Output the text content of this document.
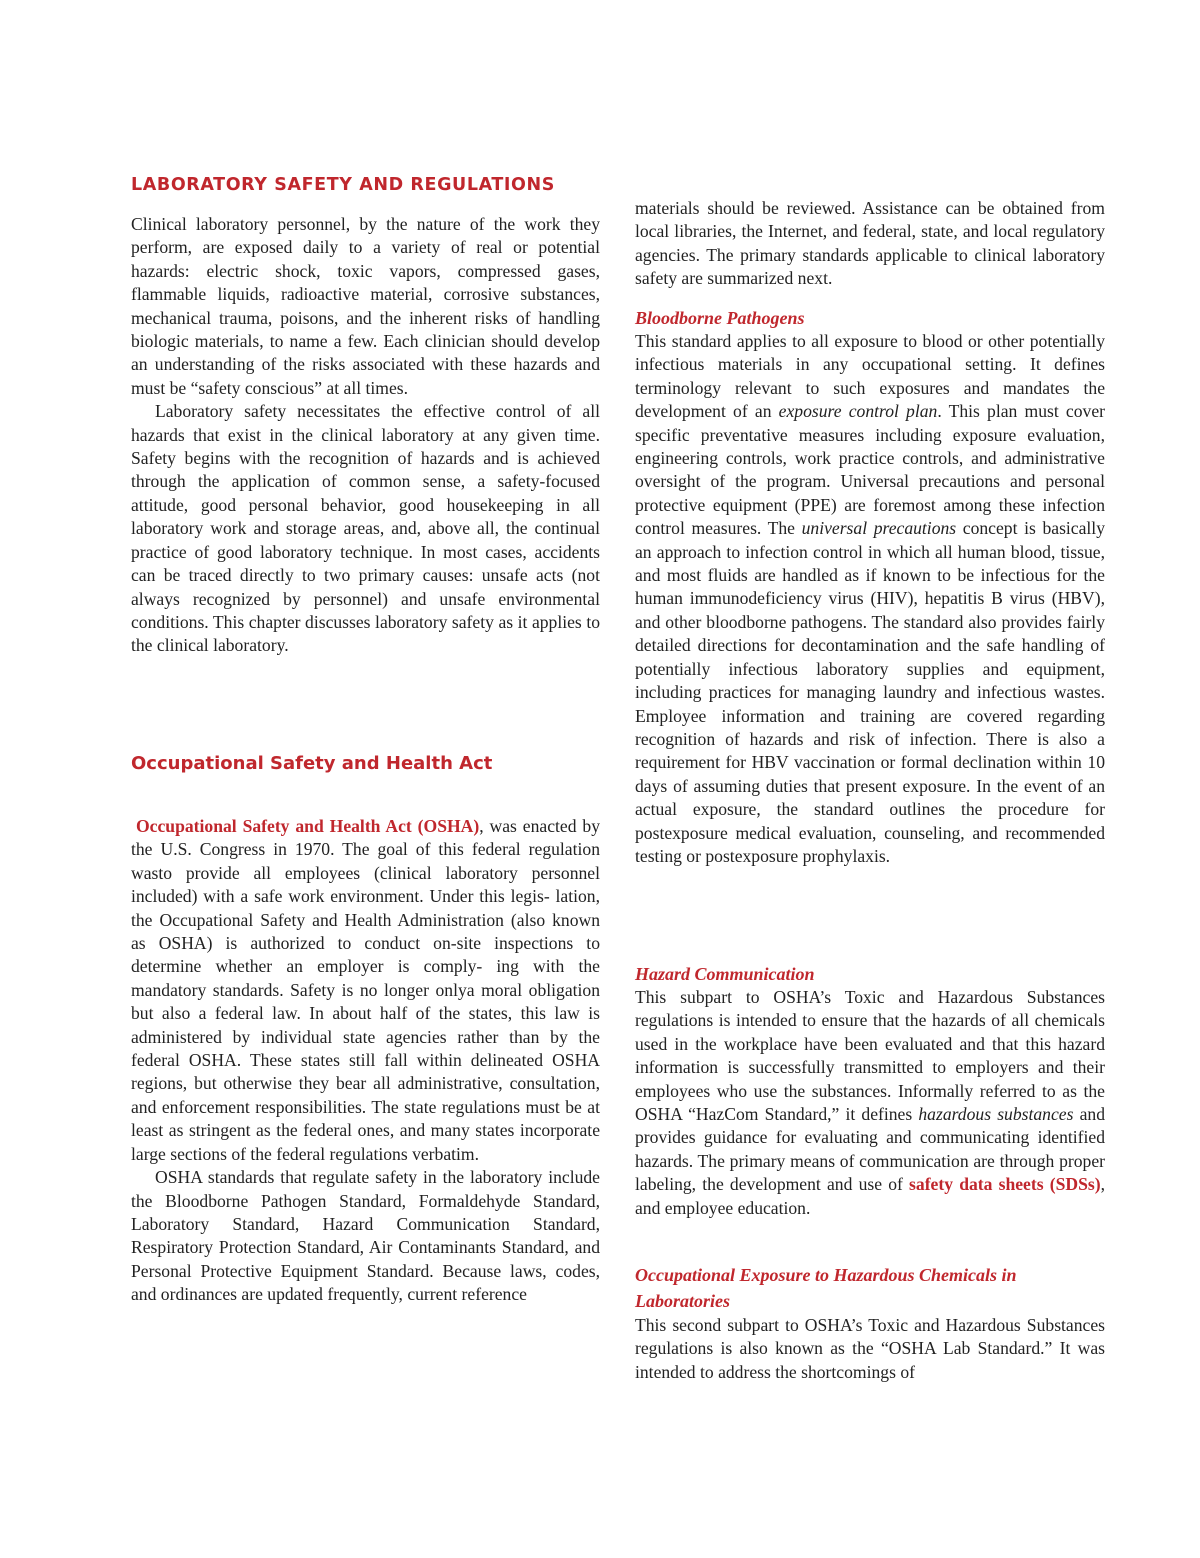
LABORATORY SAFETY AND REGULATIONS

Clinical laboratory personnel, by the nature of the work they perform, are exposed daily to a variety of real or potential hazards: electric shock, toxic vapors, compressed gases, flammable liquids, radioactive material, corrosive substances, mechanical trauma, poisons, and the inherent risks of handling biologic materials, to name a few. Each clinician should develop an understanding of the risks associated with these hazards and must be “safety conscious” at all times.

Laboratory safety necessitates the effective control of all hazards that exist in the clinical laboratory at any given time. Safety begins with the recognition of hazards and is achieved through the application of common sense, a safety-focused attitude, good personal behavior, good housekeeping in all laboratory work and storage areas, and, above all, the continual practice of good laboratory technique. In most cases, accidents can be traced directly to two primary causes: unsafe acts (not always recognized by personnel) and unsafe environmental conditions. This chapter discusses laboratory safety as it applies to the clinical laboratory.

Occupational Safety and Health Act (OSHA), was enacted by the U.S. Congress in 1970. The goal of this federal regulation wasto provide all employees (clinical laboratory personnel included) with a safe work environment. Under this legis- lation, the Occupational Safety and Health Administration (also known as OSHA) is authorized to conduct on-site inspections to determine whether an employer is comply- ing with the mandatory standards. Safety is no longer onlya moral obligation but also a federal law. In about half of the states, this law is administered by individual state agencies rather than by the federal OSHA. These states still fall within delineated OSHA regions, but otherwise they bear all administrative, consultation, and enforcement responsibilities. The state regulations must be at least as stringent as the federal ones, and many states incorporate large sections of the federal regulations verbatim.

OSHA standards that regulate safety in the laboratory include the Bloodborne Pathogen Standard, Formaldehyde Standard, Laboratory Standard, Hazard Communication Standard, Respiratory Protection Standard, Air Contaminants Standard, and Personal Protective Equipment Standard. Because laws, codes, and ordinances are updated frequently, current reference

Occupational Safety and Health Act

materials should be reviewed. Assistance can be obtained from local libraries, the Internet, and federal, state, and local regulatory agencies. The primary standards applicable to clinical laboratory safety are summarized next.

Bloodborne Pathogens

This standard applies to all exposure to blood or other potentially infectious materials in any occupational setting. It defines terminology relevant to such exposures and mandates the development of an exposure control plan. This plan must cover specific preventative measures including exposure evaluation, engineering controls, work practice controls, and administrative oversight of the program. Universal precautions and personal protective equipment (PPE) are foremost among these infection control measures. The universal precautions concept is basically an approach to infection control in which all human blood, tissue, and most fluids are handled as if known to be infectious for the human immunodeficiency virus (HIV), hepatitis B virus (HBV), and other bloodborne pathogens. The standard also provides fairly detailed directions for decontamination and the safe handling of potentially infectious laboratory supplies and equipment, including practices for managing laundry and infectious wastes. Employee information and training are covered regarding recognition of hazards and risk of infection. There is also a requirement for HBV vaccination or formal declination within 10 days of assuming duties that present exposure. In the event of an actual exposure, the standard outlines the procedure for postexposure medical evaluation, counseling, and recommended testing or postexposure prophylaxis.

Hazard Communication

This subpart to OSHA’s Toxic and Hazardous Substances regulations is intended to ensure that the hazards of all chemicals used in the workplace have been evaluated and that this hazard information is successfully transmitted to employers and their employees who use the substances. Informally referred to as the OSHA “HazCom Standard,” it defines hazardous substances and provides guidance for evaluating and communicating identified hazards. The primary means of communication are through proper labeling, the development and use of safety data sheets (SDSs), and employee education.

Occupational Exposure to Hazardous Chemicals in Laboratories

This second subpart to OSHA’s Toxic and Hazardous Substances regulations is also known as the “OSHA Lab Standard.” It was intended to address the shortcomings of
